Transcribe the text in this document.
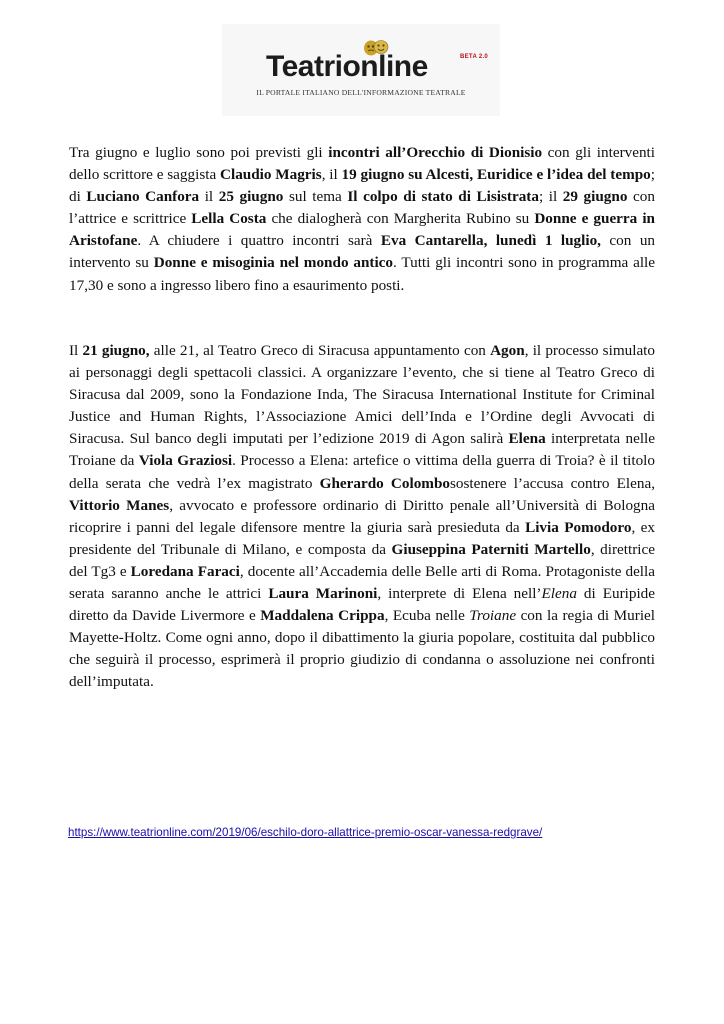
Teatrionline	BETA 2.0
IL PORTALE ITALIANO DELL'INFORMAZIONE TEATRALE

Tra giugno e luglio sono poi previsti gli incontri all’Orecchio di Dionisio con gli interventi dello scrittore e saggista Claudio Magris, il 19 giugno su Alcesti, Euridice e l’idea del tempo; di Luciano Canfora il 25 giugno sul tema Il colpo di stato di Lisistrata; il 29 giugno con l’attrice e scrittrice Lella Costa che dialogherà con Margherita Rubino su Donne e guerra in Aristofane. A chiudere i quattro incontri sarà Eva Cantarella, lunedì 1 luglio, con un intervento su Donne e misoginia nel mondo antico. Tutti gli incontri sono in programma alle 17,30 e sono a ingresso libero fino a esaurimento posti.

Il 21 giugno, alle 21, al Teatro Greco di Siracusa appuntamento con Agon, il processo simulato ai personaggi degli spettacoli classici. A organizzare l’evento, che si tiene al Teatro Greco di Siracusa dal 2009, sono la Fondazione Inda, The Siracusa International Institute for Criminal Justice and Human Rights, l’Associazione Amici dell’Inda e l’Ordine degli Avvocati di Siracusa. Sul banco degli imputati per l’edizione 2019 di Agon salirà Elena interpretata nelle Troiane da Viola Graziosi. Processo a Elena: artefice o vittima della guerra di Troia? è il titolo della serata che vedrà l’ex magistrato Gherardo Colombosostenere l’accusa contro Elena, Vittorio Manes, avvocato e professore ordinario di Diritto penale all’Università di Bologna ricoprire i panni del legale difensore mentre la giuria sarà presieduta da Livia Pomodoro, ex presidente del Tribunale di Milano, e composta da Giuseppina Paterniti Martello, direttrice del Tg3 e Loredana Faraci, docente all’Accademia delle Belle arti di Roma. Protagoniste della serata saranno anche le attrici Laura Marinoni, interprete di Elena nell’Elena di Euripide diretto da Davide Livermore e Maddalena Crippa, Ecuba nelle Troiane con la regia di Muriel Mayette-Holtz. Come ogni anno, dopo il dibattimento la giuria popolare, costituita dal pubblico che seguirà il processo, esprimerà il proprio giudizio di condanna o assoluzione nei confronti dell’imputata.

https://www.teatrionline.com/2019/06/eschilo-doro-allattrice-premio-oscar-vanessa-redgrave/
